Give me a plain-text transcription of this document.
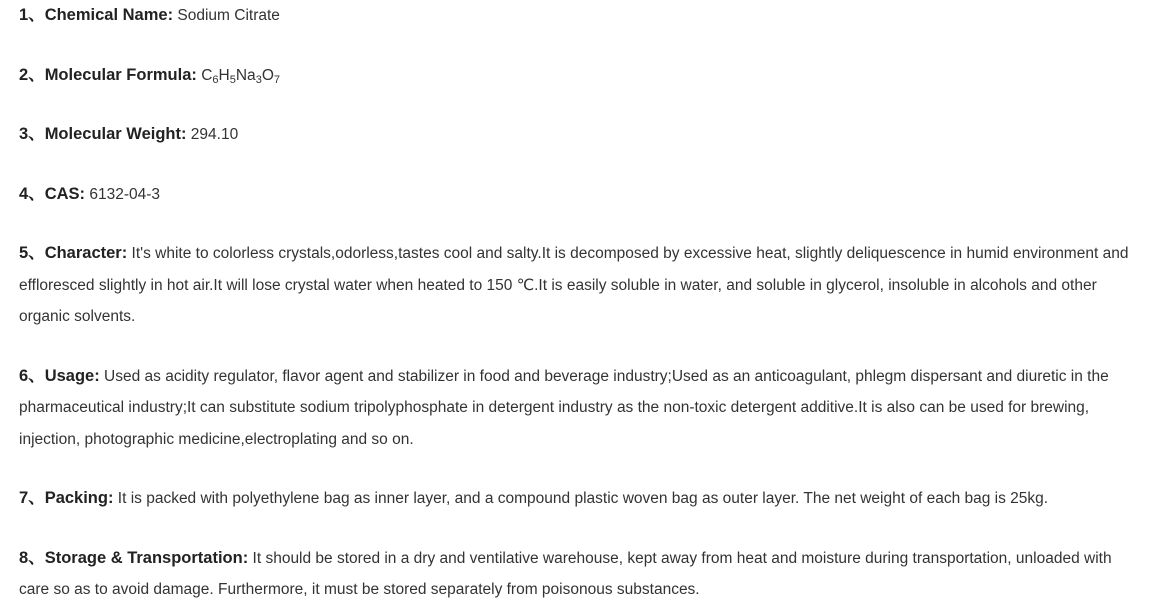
1、Chemical Name: Sodium Citrate

2、Molecular Formula: $C_6H_5Na_3O_7$

3、Molecular Weight: 294.10

4、CAS: 6132-04-3

5、Character: It's white to colorless crystals,odorless,tastes cool and salty.It is decomposed by excessive heat, slightly deliquescence in humid environment and effloresced slightly in hot air.It will lose crystal water when heated to 150 ℃.It is easily soluble in water, and soluble in glycerol, insoluble in alcohols and other organic solvents.

6、Usage: Used as acidity regulator, flavor agent and stabilizer in food and beverage industry;Used as an anticoagulant, phlegm dispersant and diuretic in the pharmaceutical industry;It can substitute sodium tripolyphosphate in detergent industry as the non-toxic detergent additive.It is also can be used for brewing, injection, photographic medicine,electroplating and so on.

7、Packing: It is packed with polyethylene bag as inner layer, and a compound plastic woven bag as outer layer. The net weight of each bag is 25kg.

8、Storage & Transportation: It should be stored in a dry and ventilative warehouse, kept away from heat and moisture during transportation, unloaded with care so as to avoid damage. Furthermore, it must be stored separately from poisonous substances.
